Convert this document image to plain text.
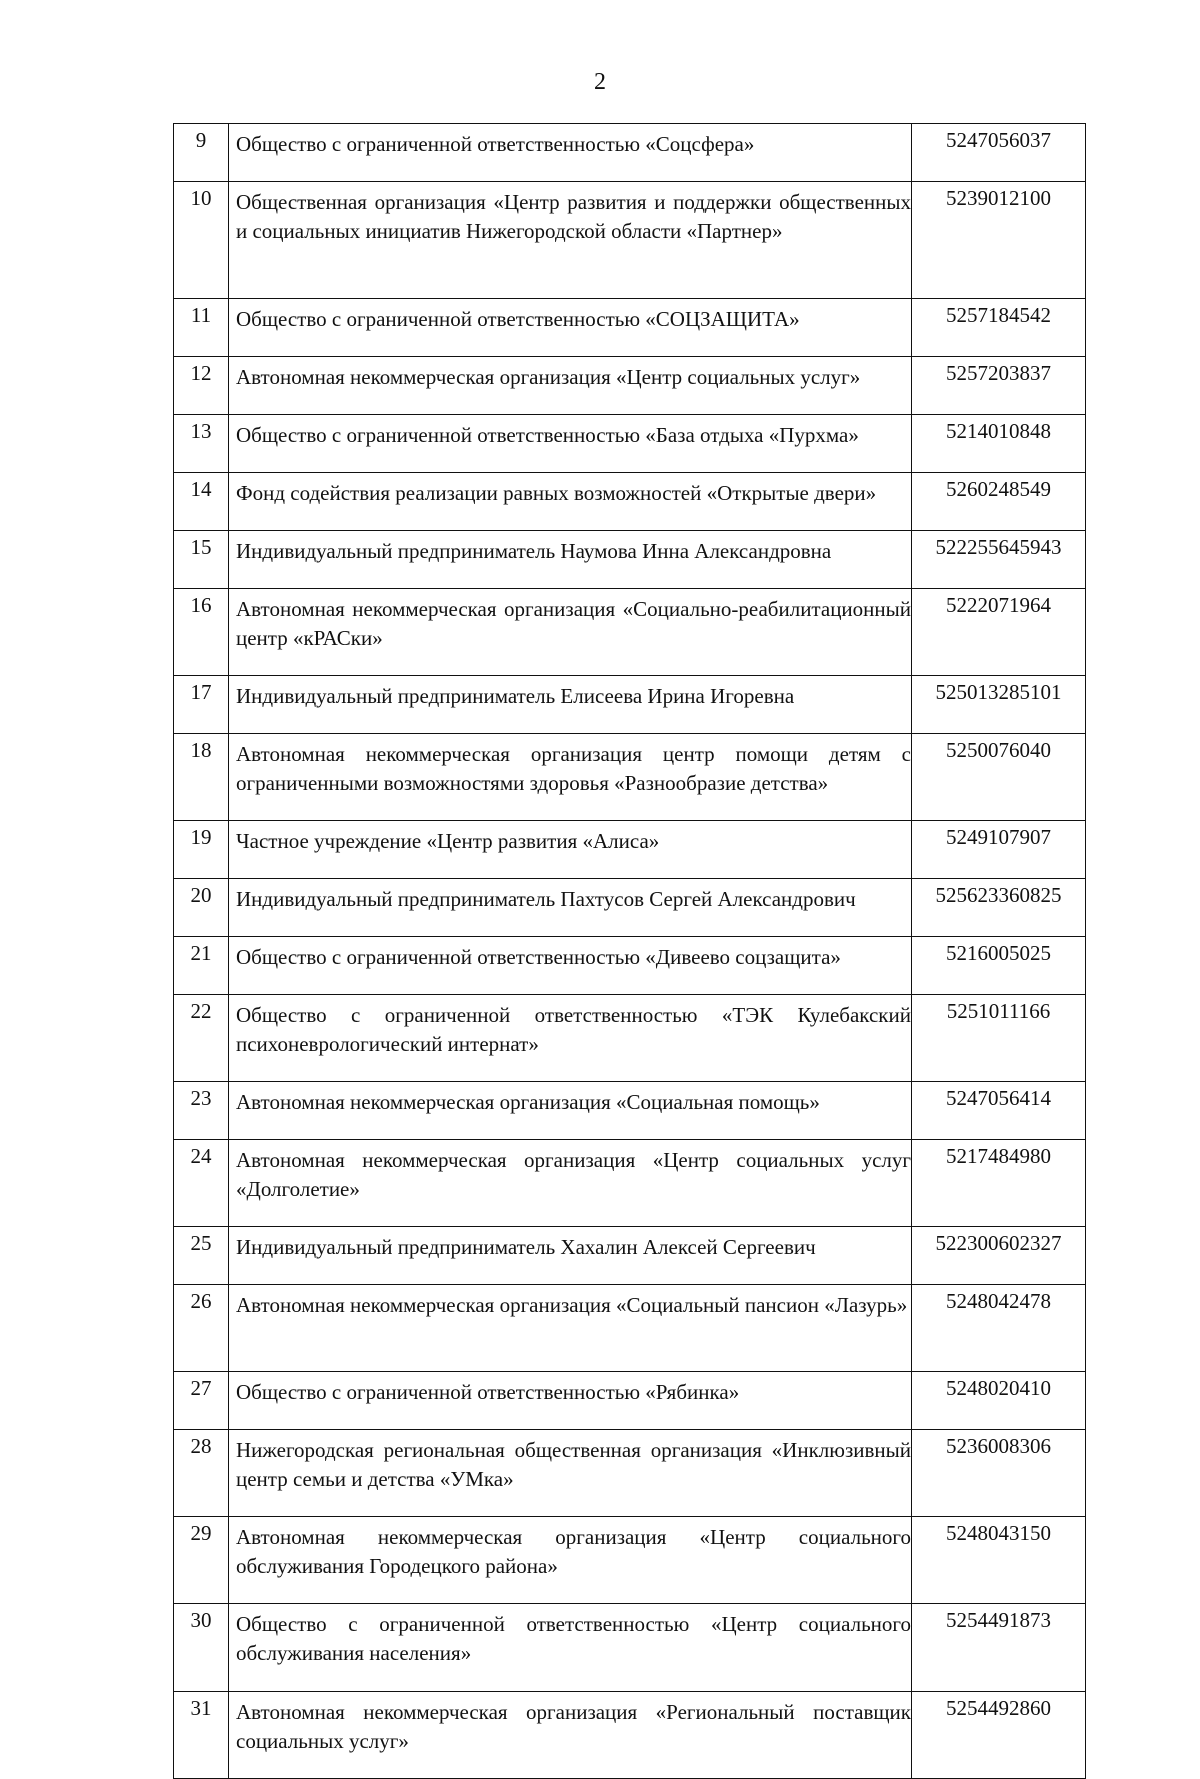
2
9	Общество с ограниченной ответственностью «Соцсфера»	5247056037
10	Общественная организация «Центр развития и поддержки общественных и социальных инициатив Нижегородской области «Партнер»	5239012100
11	Общество с ограниченной ответственностью «СОЦЗАЩИТА»	5257184542
12	Автономная некоммерческая организация «Центр социальных услуг»	5257203837
13	Общество с ограниченной ответственностью «База отдыха «Пурхма»	5214010848
14	Фонд содействия реализации равных возможностей «Открытые двери»	5260248549
15	Индивидуальный предприниматель Наумова Инна Александровна	522255645943
16	Автономная некоммерческая организация «Социально-реабилитационный центр «кРАСки»	5222071964
17	Индивидуальный предприниматель Елисеева Ирина Игоревна	525013285101
18	Автономная некоммерческая организация центр помощи детям с ограниченными возможностями здоровья «Разнообразие детства»	5250076040
19	Частное учреждение «Центр развития «Алиса»	5249107907
20	Индивидуальный предприниматель Пахтусов Сергей Александрович	525623360825
21	Общество с ограниченной ответственностью «Дивеево соцзащита»	5216005025
22	Общество с ограниченной ответственностью «ТЭК Кулебакский психоневрологический интернат»	5251011166
23	Автономная некоммерческая организация «Социальная помощь»	5247056414
24	Автономная некоммерческая организация «Центр социальных услуг «Долголетие»	5217484980
25	Индивидуальный предприниматель Хахалин Алексей Сергеевич	522300602327
26	Автономная некоммерческая организация «Социальный пансион «Лазурь»	5248042478
27	Общество с ограниченной ответственностью «Рябинка»	5248020410
28	Нижегородская региональная общественная организация «Инклюзивный центр семьи и детства «УМка»	5236008306
29	Автономная некоммерческая организация «Центр социального обслуживания Городецкого района»	5248043150
30	Общество с ограниченной ответственностью «Центр социального обслуживания населения»	5254491873
31	Автономная некоммерческая организация «Региональный поставщик социальных услуг»	5254492860
